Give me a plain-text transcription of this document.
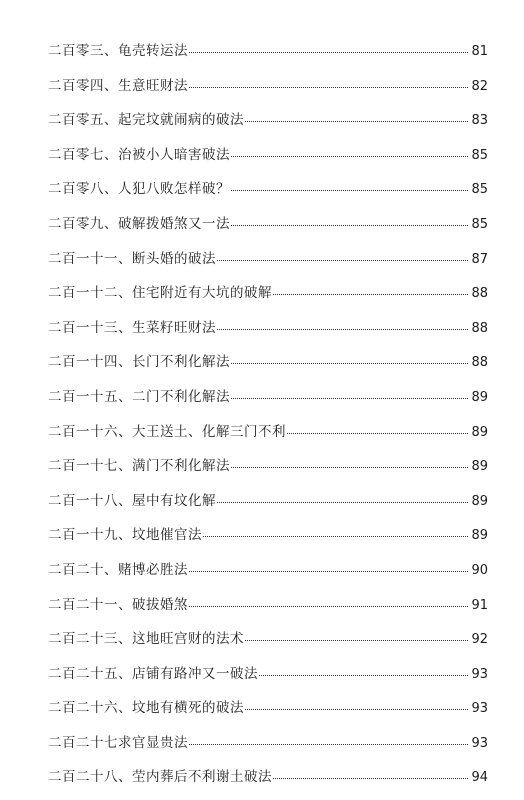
二百零三、龟壳转运法	81
二百零四、生意旺财法	82
二百零五、起完坟就闹病的破法	83
二百零七、治被小人暗害破法	85
二百零八、人犯八败怎样破？	85
二百零九、破解拨婚煞又一法	85
二百一十一、断头婚的破法	87
二百一十二、住宅附近有大坑的破解	88
二百一十三、生菜籽旺财法	88
二百一十四、长门不利化解法	88
二百一十五、二门不利化解法	89
二百一十六、大王送土、化解三门不利	89
二百一十七、满门不利化解法	89
二百一十八、屋中有坟化解	89
二百一十九、坟地催官法	89
二百二十、赌博必胜法	90
二百二十一、破拔婚煞	91
二百二十三、这地旺宫财的法术	92
二百二十五、店铺有路冲又一破法	93
二百二十六、坟地有横死的破法	93
二百二十七求官显贵法	93
二百二十八、茔内葬后不利谢土破法	94
